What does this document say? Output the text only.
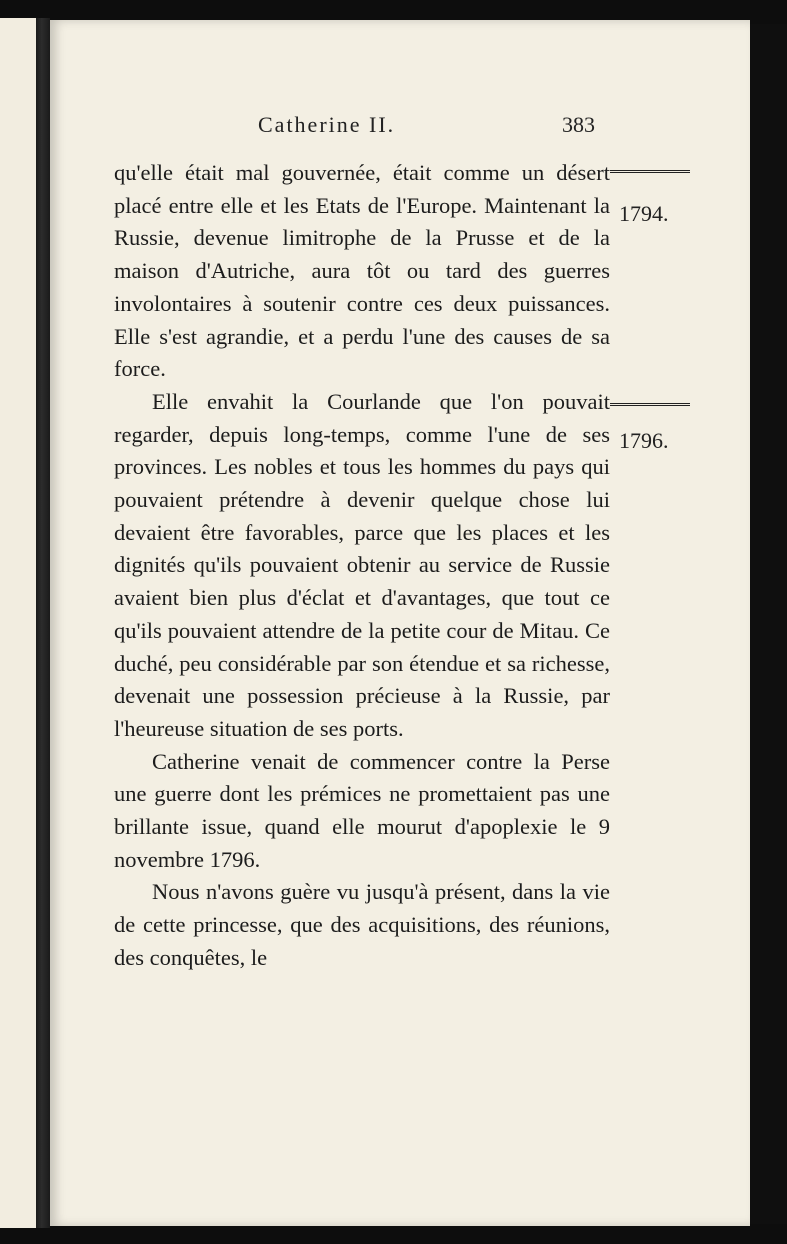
Catherine II.	383
1794.
1796.

qu'elle était mal gouvernée, était comme un désert placé entre elle et les Etats de l'Europe. Maintenant la Russie, devenue limitrophe de la Prusse et de la maison d'Autriche, aura tôt ou tard des guerres involontaires à soutenir contre ces deux puissances. Elle s'est agrandie, et a perdu l'une des causes de sa force.

Elle envahit la Courlande que l'on pouvait regarder, depuis long-temps, comme l'une de ses provinces. Les nobles et tous les hommes du pays qui pouvaient prétendre à devenir quelque chose lui devaient être favorables, parce que les places et les dignités qu'ils pouvaient obtenir au service de Russie avaient bien plus d'éclat et d'avantages, que tout ce qu'ils pouvaient attendre de la petite cour de Mitau. Ce duché, peu considérable par son étendue et sa richesse, devenait une possession précieuse à la Russie, par l'heureuse situation de ses ports.

Catherine venait de commencer contre la Perse une guerre dont les prémices ne promettaient pas une brillante issue, quand elle mourut d'apoplexie le 9 novembre 1796.

Nous n'avons guère vu jusqu'à présent, dans la vie de cette princesse, que des acquisitions, des réunions, des conquêtes, le
